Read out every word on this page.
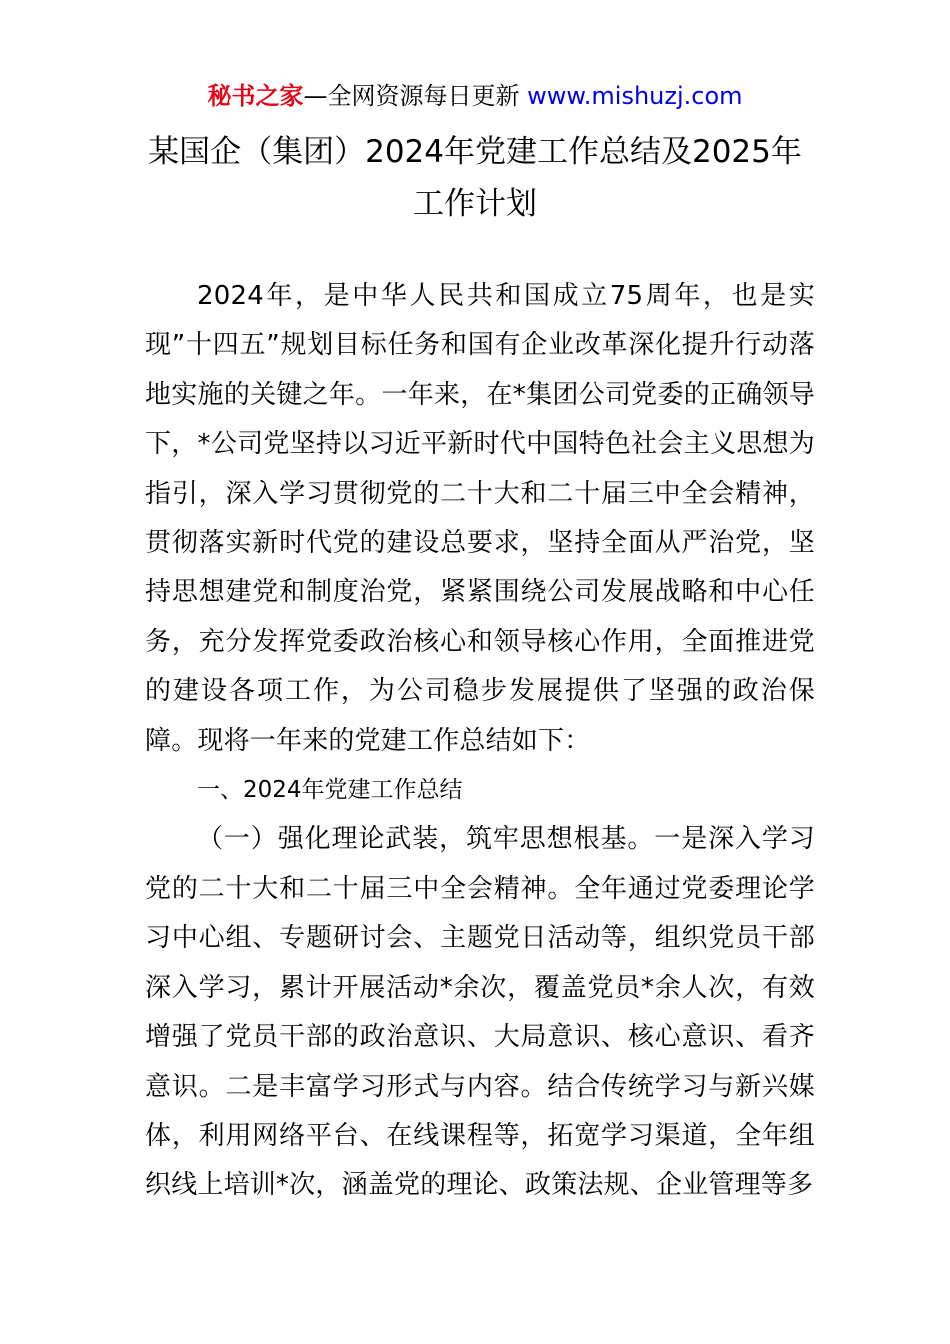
秘书之家—全网资源每日更新 www.mishuzj.com
某国企（集团）2024年党建工作总结及2025年
工作计划

2024年，是中华人民共和国成立75周年，也是实现”十四五”规划目标任务和国有企业改革深化提升行动落地实施的关键之年。一年来，在*集团公司党委的正确领导下，*公司党坚持以习近平新时代中国特色社会主义思想为指引，深入学习贯彻党的二十大和二十届三中全会精神，贯彻落实新时代党的建设总要求，坚持全面从严治党，坚持思想建党和制度治党，紧紧围绕公司发展战略和中心任务，充分发挥党委政治核心和领导核心作用，全面推进党的建设各项工作，为公司稳步发展提供了坚强的政治保障。现将一年来的党建工作总结如下：

一、2024年党建工作总结

（一）强化理论武装，筑牢思想根基。一是深入学习党的二十大和二十届三中全会精神。全年通过党委理论学习中心组、专题研讨会、主题党日活动等，组织党员干部深入学习，累计开展活动*余次，覆盖党员*余人次，有效增强了党员干部的政治意识、大局意识、核心意识、看齐意识。二是丰富学习形式与内容。结合传统学习与新兴媒体，利用网络平台、在线课程等，拓宽学习渠道，全年组织线上培训*次，涵盖党的理论、政策法规、企业管理等多
